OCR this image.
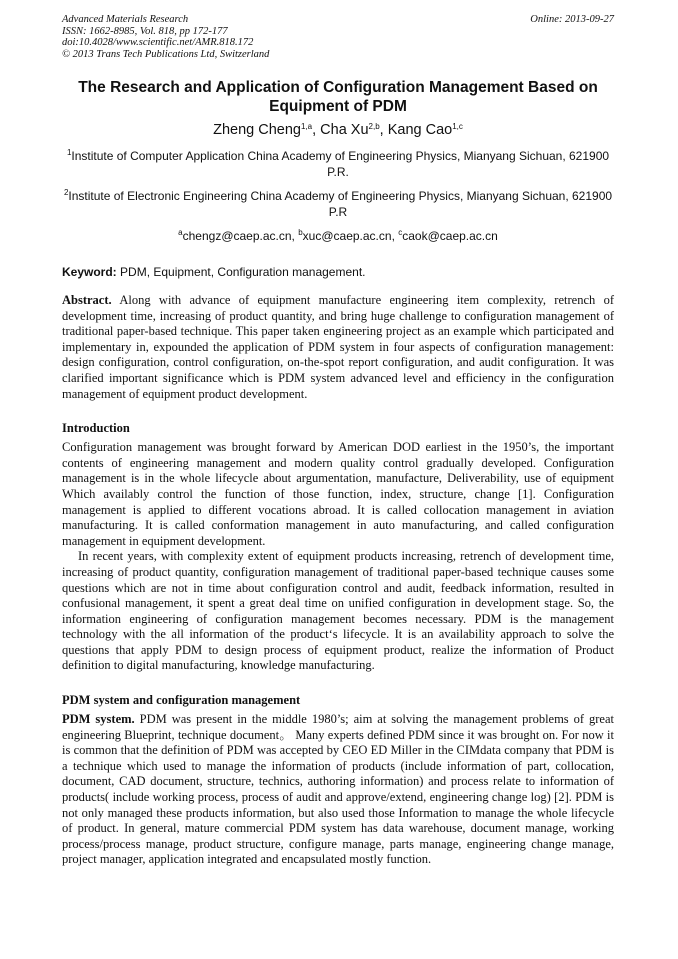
Advanced Materials Research
ISSN: 1662-8985, Vol. 818, pp 172-177
doi:10.4028/www.scientific.net/AMR.818.172
© 2013 Trans Tech Publications Ltd, Switzerland
Online: 2013-09-27
The Research and Application of Configuration Management Based on Equipment of PDM
Zheng Cheng$^{1,a}$, Cha Xu$^{2,b}$, Kang Cao$^{1,c}$
$^1$Institute of Computer Application China Academy of Engineering Physics, Mianyang Sichuan, 621900 P.R.
$^2$Institute of Electronic Engineering China Academy of Engineering Physics, Mianyang Sichuan, 621900 P.R
$^a$chengz@caep.ac.cn, $^b$xuc@caep.ac.cn, $^c$caok@caep.ac.cn
Keyword: PDM, Equipment, Configuration management.
Abstract. Along with advance of equipment manufacture engineering item complexity, retrench of development time, increasing of product quantity, and bring huge challenge to configuration management of traditional paper-based technique. This paper taken engineering project as an example which participated and implementary in, expounded the application of PDM system in four aspects of configuration management: design configuration, control configuration, on-the-spot report configuration, and audit configuration. It was clarified important significance which is PDM system advanced level and efficiency in the configuration management of equipment product development.
Introduction

Configuration management was brought forward by American DOD earliest in the 1950’s, the important contents of engineering management and modern quality control gradually developed. Configuration management is in the whole lifecycle about argumentation, manufacture, Deliverability, use of equipment Which availably control the function of those function, index, structure, change [1]. Configuration management is applied to different vocations abroad. It is called collocation management in aviation manufacturing. It is called conformation management in auto manufacturing, and called configuration management in equipment development.

In recent years, with complexity extent of equipment products increasing, retrench of development time, increasing of product quantity, configuration management of traditional paper-based technique causes some questions which are not in time about configuration control and audit, feedback information, resulted in confusional management, it spent a great deal time on unified configuration in development stage. So, the information engineering of configuration management becomes necessary. PDM is the management technology with the all information of the product‘s lifecycle. It is an availability approach to solve the questions that apply PDM to design process of equipment product, realize the information of Product definition to digital manufacturing, knowledge manufacturing.

PDM system and configuration management

PDM system. PDM was present in the middle 1980’s; aim at solving the management problems of great engineering Blueprint, technique document。 Many experts defined PDM since it was brought on. For now it is common that the definition of PDM was accepted by CEO ED Miller in the CIMdata company that PDM is a technique which used to manage the information of products (include information of part, collocation, document, CAD document, structure, technics, authoring information) and process relate to information of products( include working process, process of audit and approve/extend, engineering change log) [2]. PDM is not only managed these products information, but also used those Information to manage the whole lifecycle of product. In general, mature commercial PDM system has data warehouse, document manage, working process/process manage, product structure, configure manage, parts manage, engineering change manage, project manager, application integrated and encapsulated mostly function.
